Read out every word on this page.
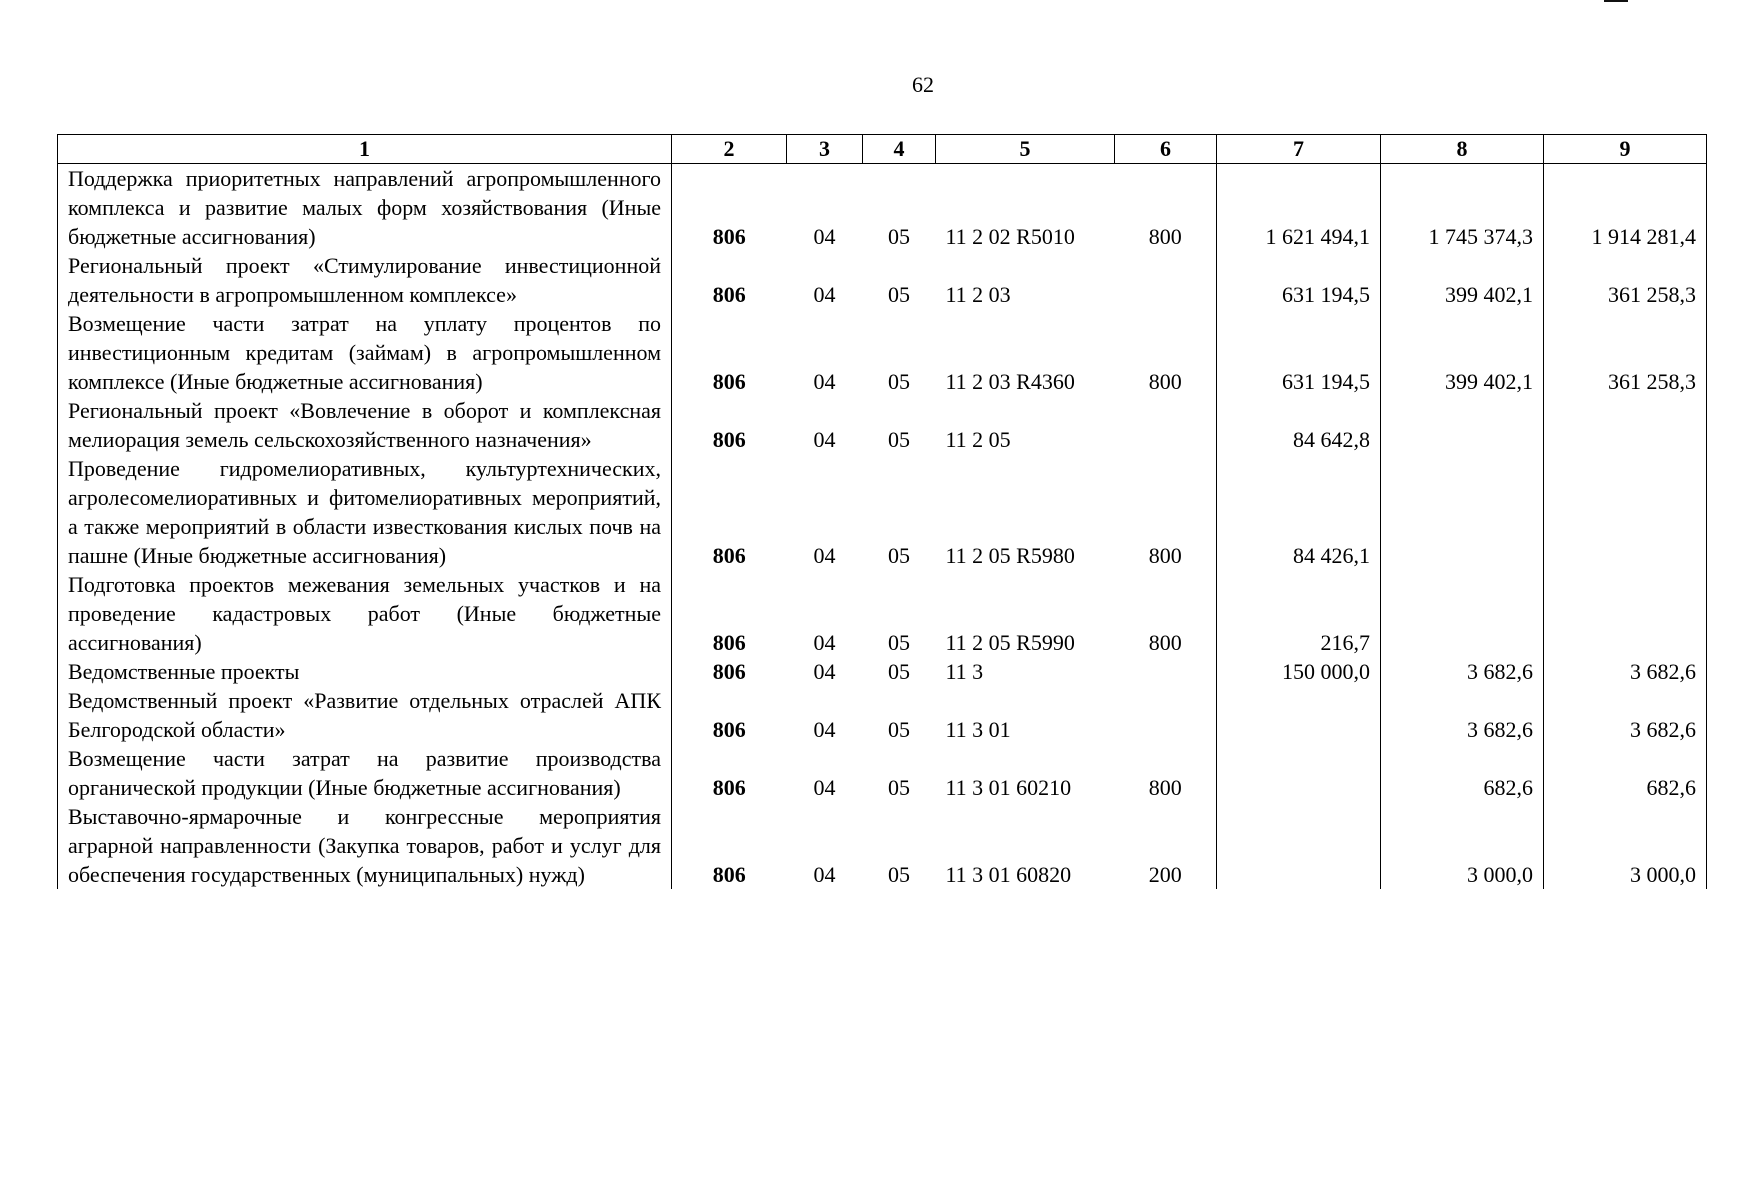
62
1	2	3	4	5	6	7	8	9
Поддержка приоритетных направлений агропромышленного комплекса и развитие малых форм хозяйствования (Иные бюджетные ассигнования)	806	04	05	11 2 02 R5010	800	1 621 494,1	1 745 374,3	1 914 281,4
Региональный проект «Стимулирование инвестиционной деятельности в агропромышленном комплексе»	806	04	05	11 2 03		631 194,5	399 402,1	361 258,3
Возмещение части затрат на уплату процентов по инвестиционным кредитам (займам) в агропромышленном комплексе (Иные бюджетные ассигнования)	806	04	05	11 2 03 R4360	800	631 194,5	399 402,1	361 258,3
Региональный проект «Вовлечение в оборот и комплексная мелиорация земель сельскохозяйственного назначения»	806	04	05	11 2 05		84 642,8		
Проведение гидромелиоративных, культуртехнических, агролесомелиоративных и фитомелиоративных мероприятий, а также мероприятий в области известкования кислых почв на пашне (Иные бюджетные ассигнования)	806	04	05	11 2 05 R5980	800	84 426,1		
Подготовка проектов межевания земельных участков и на проведение кадастровых работ (Иные бюджетные ассигнования)	806	04	05	11 2 05 R5990	800	216,7		
Ведомственные проекты	806	04	05	11 3		150 000,0	3 682,6	3 682,6
Ведомственный проект «Развитие отдельных отраслей АПК Белгородской области»	806	04	05	11 3 01			3 682,6	3 682,6
Возмещение части затрат на развитие производства органической продукции (Иные бюджетные ассигнования)	806	04	05	11 3 01 60210	800		682,6	682,6
Выставочно-ярмарочные и конгрессные мероприятия аграрной направленности (Закупка товаров, работ и услуг для обеспечения государственных (муниципальных) нужд)	806	04	05	11 3 01 60820	200		3 000,0	3 000,0
